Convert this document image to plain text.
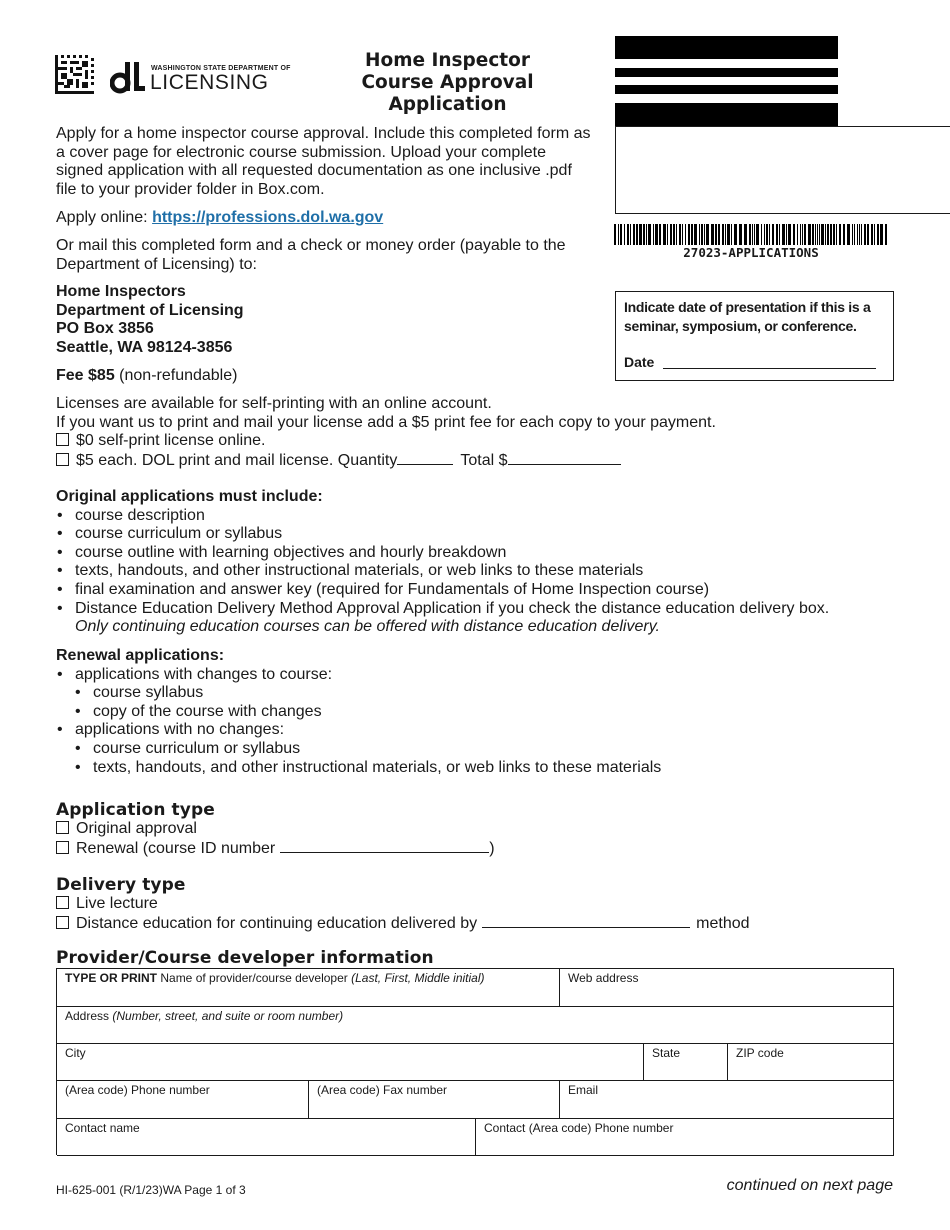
WASHINGTON STATE DEPARTMENT OF
LICENSING
Home Inspector
Course Approval
Application
27023-APPLICATIONS
Indicate date of presentation if this is a seminar, symposium, or conference.
Date
Apply for a home inspector course approval. Include this completed form as a cover page for electronic course submission. Upload your complete signed application with all requested documentation as one inclusive .pdf file to your provider folder in Box.com.
Apply online: https://professions.dol.wa.gov
Or mail this completed form and a check or money order (payable to the Department of Licensing) to:
Home Inspectors
Department of Licensing
PO Box 3856
Seattle, WA 98124-3856
Fee $85 (non-refundable)
Licenses are available for self-printing with an online account.
If you want us to print and mail your license add a $5 print fee for each copy to your payment.
$0 self-print license online.
$5 each. DOL print and mail license. Quantity	Total $
Original applications must include:
• course description
• course curriculum or syllabus
• course outline with learning objectives and hourly breakdown
• texts, handouts, and other instructional materials, or web links to these materials
• final examination and answer key (required for Fundamentals of Home Inspection course)
• Distance Education Delivery Method Approval Application if you check the distance education delivery box.
Only continuing education courses can be offered with distance education delivery.
Renewal applications:
• applications with changes to course:
• course syllabus
• copy of the course with changes
• applications with no changes:
• course curriculum or syllabus
• texts, handouts, and other instructional materials, or web links to these materials
Application type
Original approval
Renewal (course ID number	)
Delivery type
Live lecture
Distance education for continuing education delivered by	method
Provider/Course developer information
TYPE OR PRINT Name of provider/course developer (Last, First, Middle initial)	Web address
Address (Number, street, and suite or room number)
City	State	ZIP code
(Area code) Phone number	(Area code) Fax number	Email
Contact name	Contact (Area code) Phone number
HI-625-001 (R/1/23)WA Page 1 of 3	continued on next page
